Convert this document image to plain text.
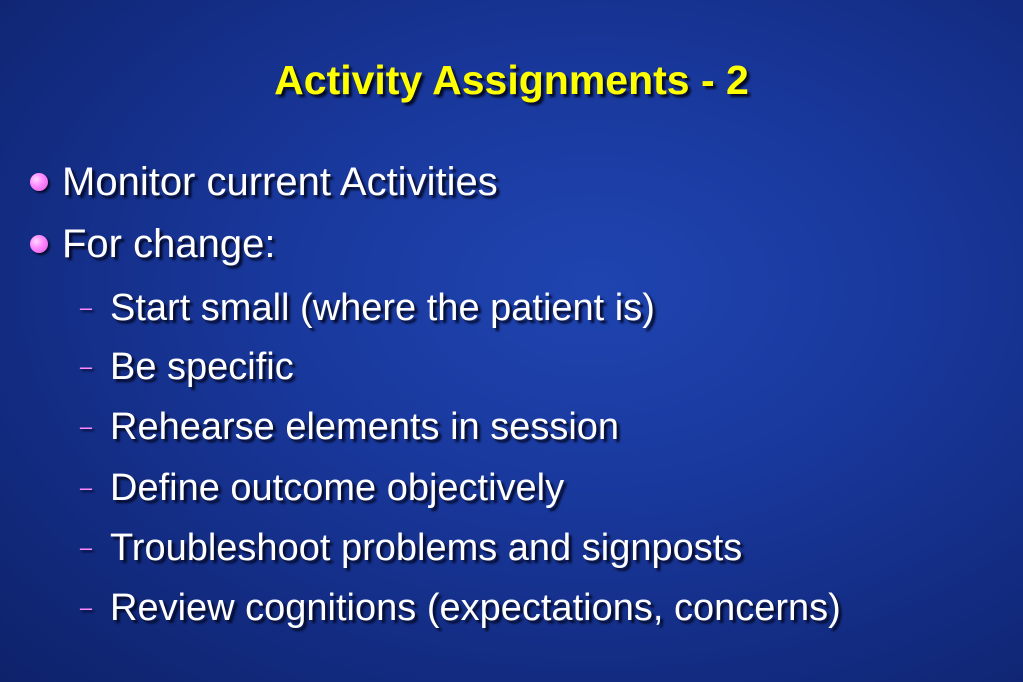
Activity Assignments - 2
Monitor current Activities
For change:
– Start small (where the patient is)
– Be specific
– Rehearse elements in session
– Define outcome objectively
– Troubleshoot problems and signposts
– Review cognitions (expectations, concerns)
